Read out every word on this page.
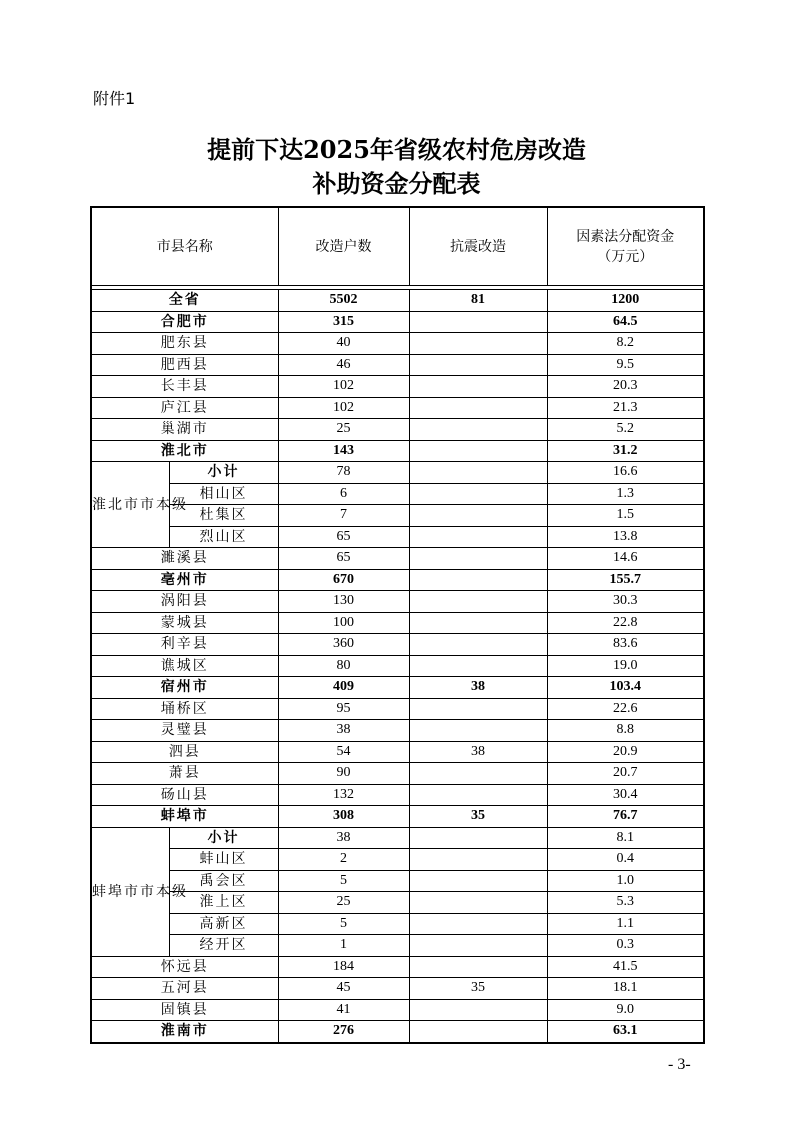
附件1
提前下达2025年省级农村危房改造
补助资金分配表
市县名称		改造户数	抗震改造	因素法分配资金
（万元）

全省		5502	81	1200
合肥市		315		64.5
肥东县		40		8.2
肥西县		46		9.5
长丰县		102		20.3
庐江县		102		21.3
巢湖市		25		5.2
淮北市		143		31.2
淮北市市本级	小计	78		16.6
	相山区	6		1.3
	杜集区	7		1.5
	烈山区	65		13.8
濉溪县		65		14.6
亳州市		670		155.7
涡阳县		130		30.3
蒙城县		100		22.8
利辛县		360		83.6
谯城区		80		19.0
宿州市		409	38	103.4
埇桥区		95		22.6
灵璧县		38		8.8
泗县		54	38	20.9
萧县		90		20.7
砀山县		132		30.4
蚌埠市		308	35	76.7
蚌埠市市本级	小计	38		8.1
	蚌山区	2		0.4
	禹会区	5		1.0
	淮上区	25		5.3
	高新区	5		1.1
	经开区	1		0.3
怀远县		184		41.5
五河县		45	35	18.1
固镇县		41		9.0
淮南市		276		63.1
- 3-
